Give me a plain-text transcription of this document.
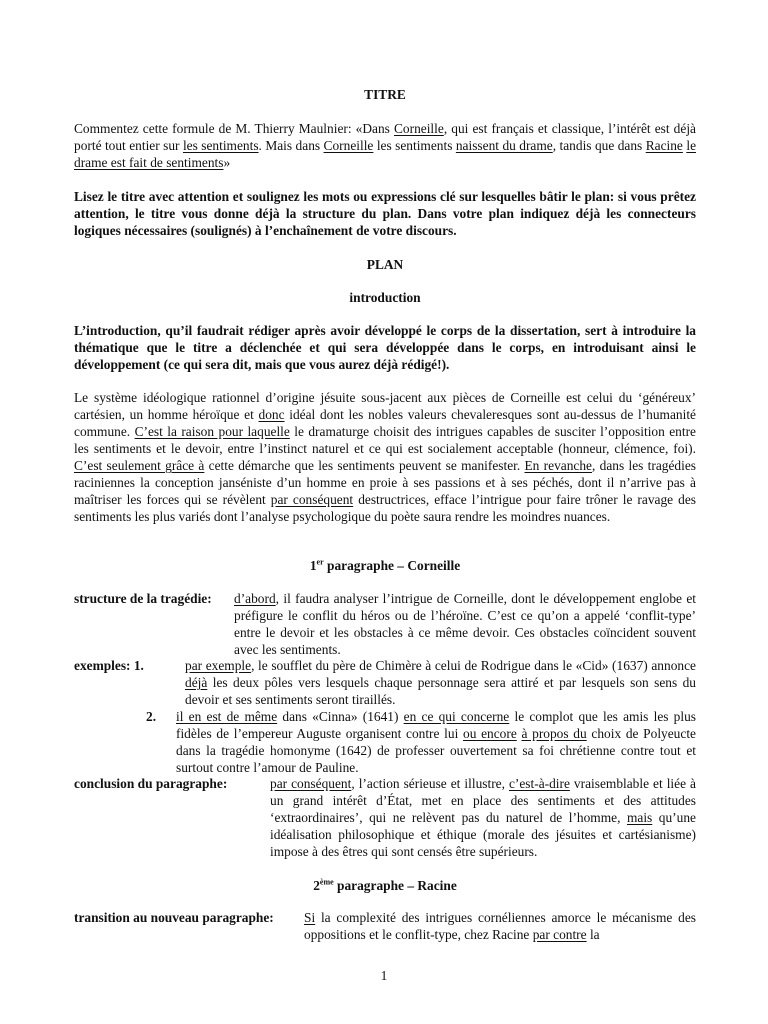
TITRE

Commentez cette formule de M. Thierry Maulnier: «Dans Corneille, qui est français et classique, l’intérêt est déjà porté tout entier sur les sentiments. Mais dans Corneille les sentiments naissent du drame, tandis que dans Racine le drame est fait de sentiments»

Lisez le titre avec attention et soulignez les mots ou expressions clé sur lesquelles bâtir le plan: si vous prêtez attention, le titre vous donne déjà la structure du plan. Dans votre plan indiquez déjà les connecteurs logiques nécessaires (soulignés) à l’enchaînement de votre discours.

PLAN
introduction

L’introduction, qu’il faudrait rédiger après avoir développé le corps de la dissertation, sert à introduire la thématique que le titre a déclenchée et qui sera développée dans le corps, en introduisant ainsi le développement (ce qui sera dit, mais que vous aurez déjà rédigé!).

Le système idéologique rationnel d’origine jésuite sous-jacent aux pièces de Corneille est celui du ‘généreux’ cartésien, un homme héroïque et donc idéal dont les nobles valeurs chevaleresques sont au-dessus de l’humanité commune. C’est la raison pour laquelle le dramaturge choisit des intrigues capables de susciter l’opposition entre les sentiments et le devoir, entre l’instinct naturel et ce qui est socialement acceptable (honneur, clémence, foi). C’est seulement grâce à cette démarche que les sentiments peuvent se manifester. En revanche, dans les tragédies raciniennes la conception janséniste d’un homme en proie à ses passions et à ses péchés, dont il n’arrive pas à maîtriser les forces qui se révèlent par conséquent destructrices, efface l’intrigue pour faire trôner le ravage des sentiments les plus variés dont l’analyse psychologique du poète saura rendre les moindres nuances.

1er paragraphe – Corneille
structure de la tragédie: d’abord, il faudra analyser l’intrigue de Corneille, dont le développement englobe et préfigure le conflit du héros ou de l’héroïne. C’est ce qu’on a appelé ‘conflit-type’ entre le devoir et les obstacles à ce même devoir. Ces obstacles coïncident souvent avec les sentiments.
exemples: 1.	par exemple, le soufflet du père de Chimère à celui de Rodrigue dans le «Cid» (1637) annonce déjà les deux pôles vers lesquels chaque personnage sera attiré et par lesquels son sens du devoir et ses sentiments seront tiraillés.
2. il en est de même dans «Cinna» (1641) en ce qui concerne le complot que les amis les plus fidèles de l’empereur Auguste organisent contre lui ou encore à propos du choix de Polyeucte dans la tragédie homonyme (1642) de professer ouvertement sa foi chrétienne contre tout et surtout contre l’amour de Pauline.
conclusion du paragraphe:	par conséquent, l’action sérieuse et illustre, c’est-à-dire vraisemblable et liée à un grand intérêt d’État, met en place des sentiments et des attitudes ‘extraordinaires’, qui ne relèvent pas du naturel de l’homme, mais qu’une idéalisation philosophique et éthique (morale des jésuites et cartésianisme) impose à des êtres qui sont censés être supérieurs.
2ème paragraphe – Racine
transition au nouveau paragraphe: Si la complexité des intrigues cornéliennes amorce le mécanisme des oppositions et le conflit-type, chez Racine par contre la
1
